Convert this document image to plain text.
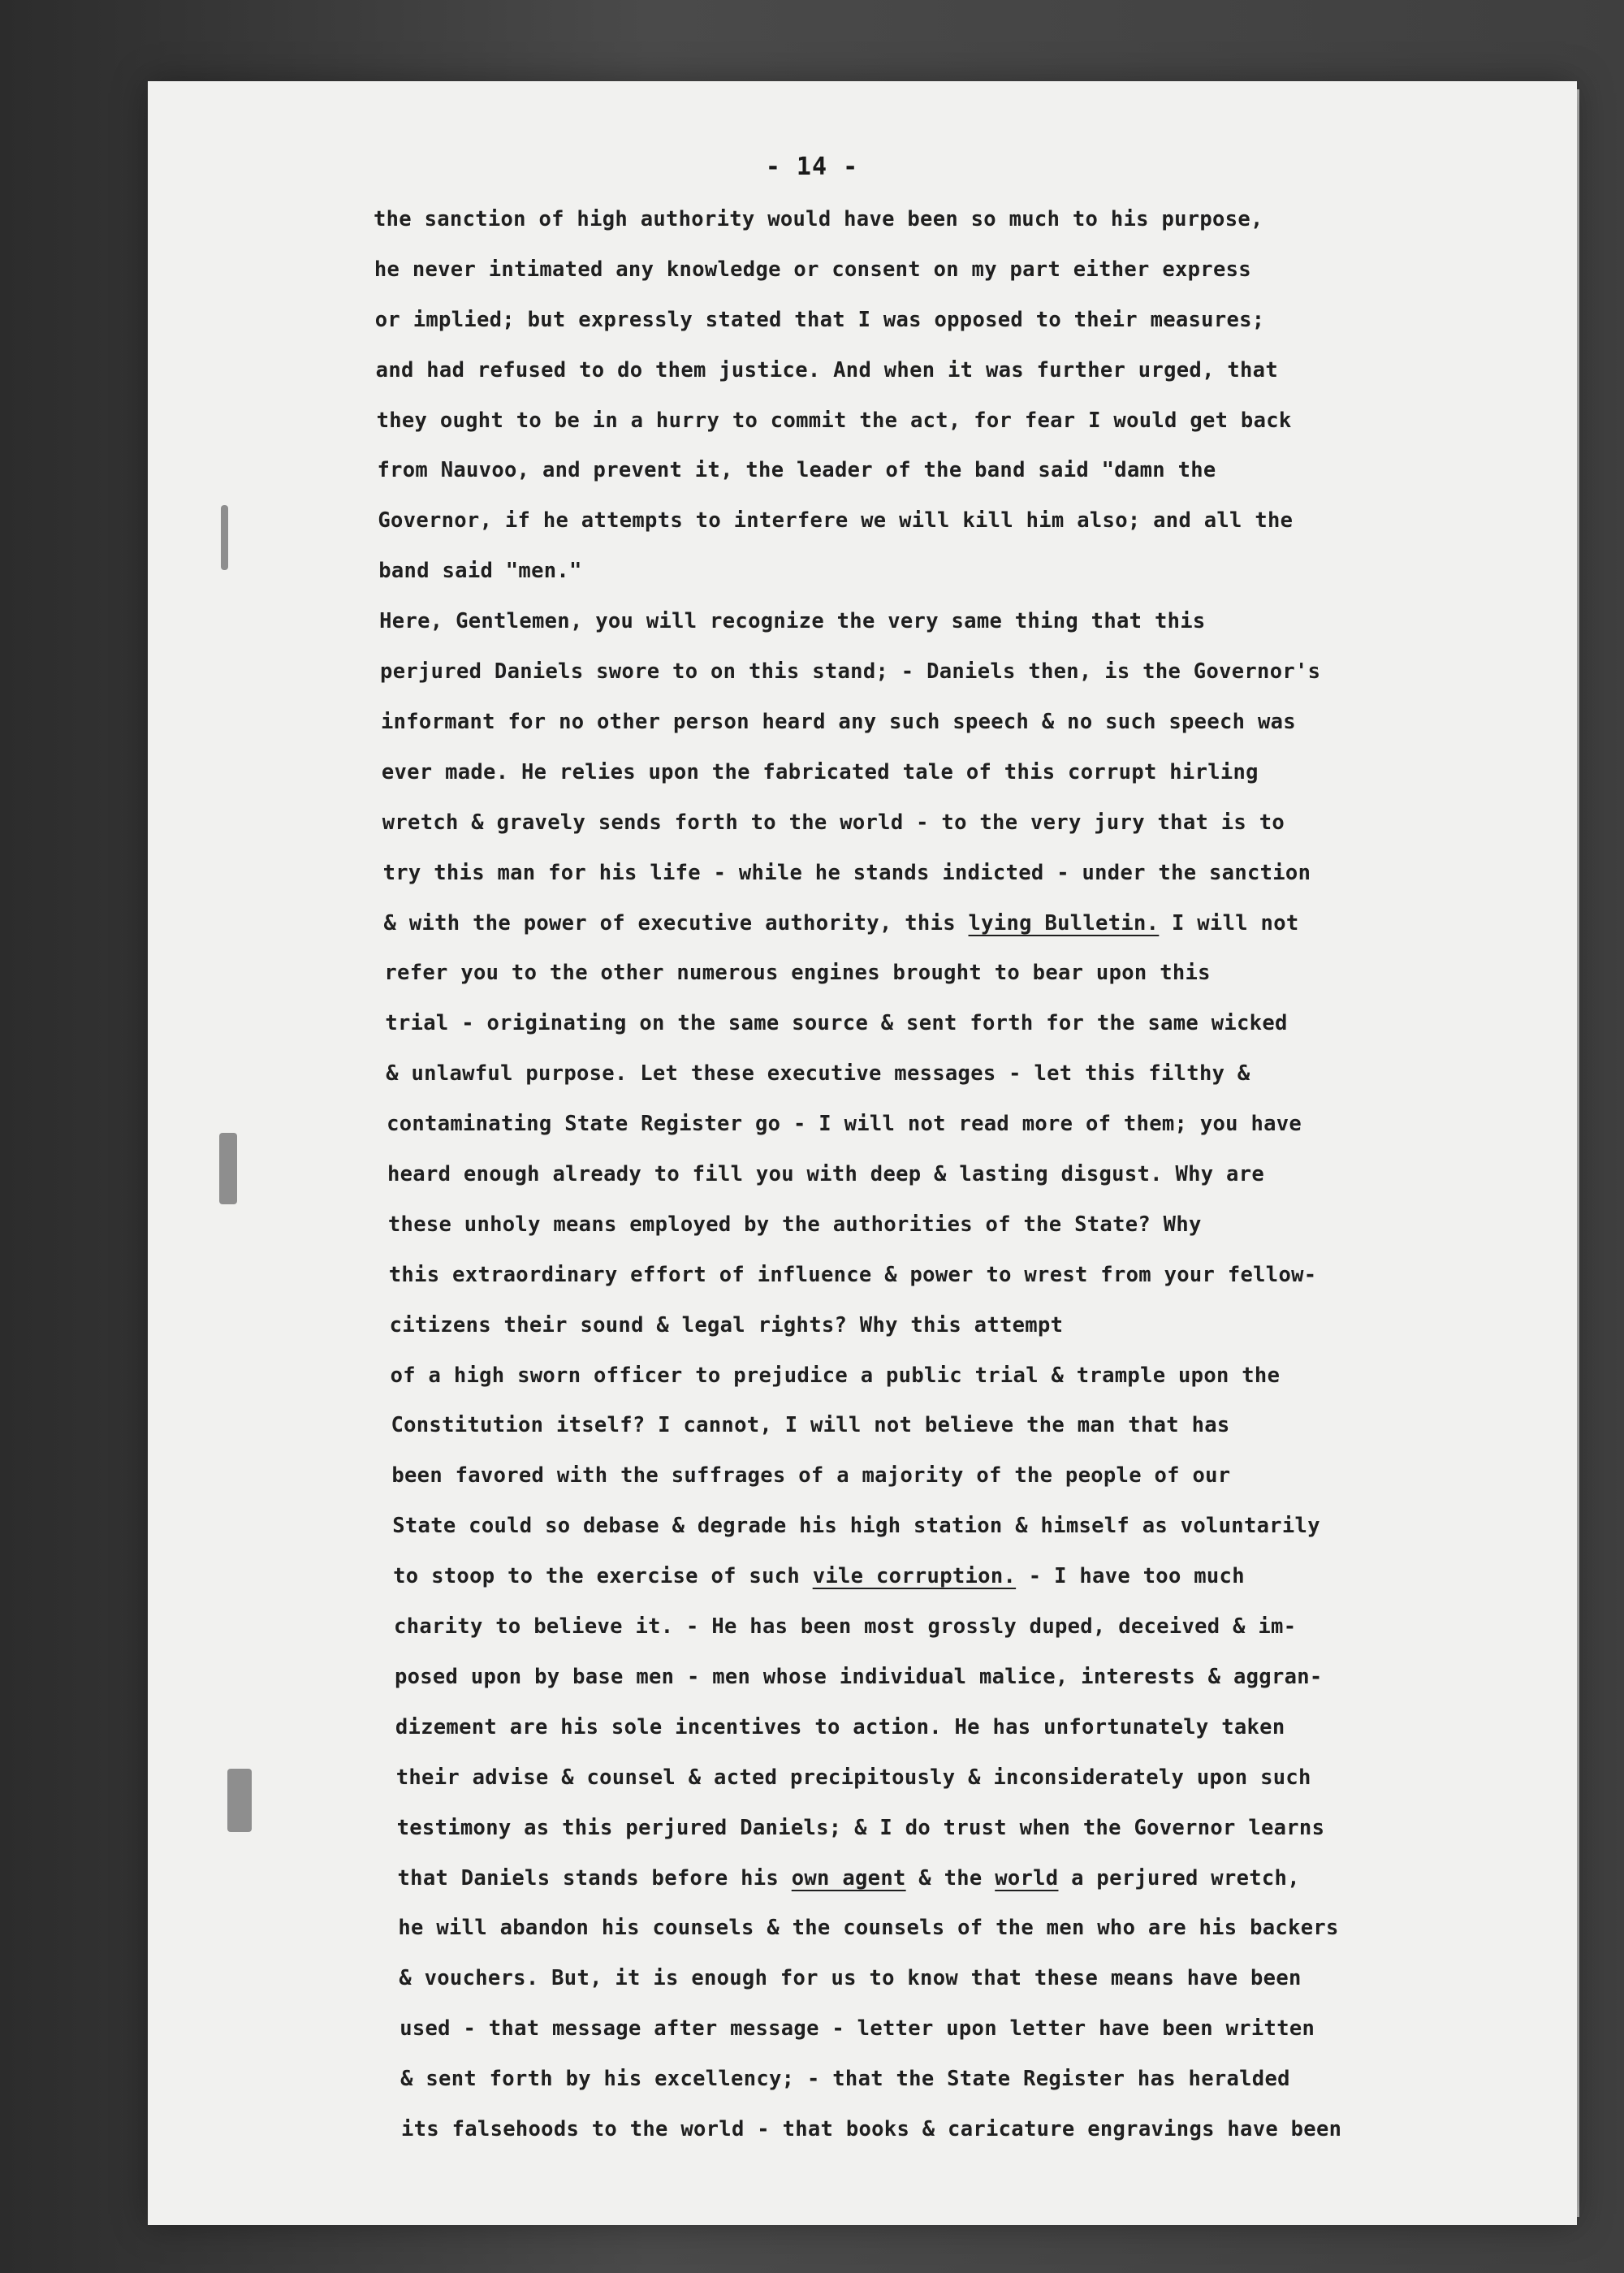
- 14 -
the sanction of high authority would have been so much to his purpose,
he never intimated any knowledge or consent on my part either express
or implied; but expressly stated that I was opposed to their measures;
and had refused to do them justice. And when it was further urged, that
they ought to be in a hurry to commit the act, for fear I would get back
from Nauvoo, and prevent it, the leader of the band said "damn the
Governor, if he attempts to interfere we will kill him also; and all the
band said "men."
Here, Gentlemen, you will recognize the very same thing that this
perjured Daniels swore to on this stand; - Daniels then, is the Governor's
informant for no other person heard any such speech & no such speech was
ever made. He relies upon the fabricated tale of this corrupt hirling
wretch & gravely sends forth to the world - to the very jury that is to
try this man for his life - while he stands indicted - under the sanction
& with the power of executive authority, this lying Bulletin. I will not
refer you to the other numerous engines brought to bear upon this
trial - originating on the same source & sent forth for the same wicked
& unlawful purpose. Let these executive messages - let this filthy &
contaminating State Register go - I will not read more of them; you have
heard enough already to fill you with deep & lasting disgust. Why are
these unholy means employed by the authorities of the State? Why
this extraordinary effort of influence & power to wrest from your fellow-
citizens their sound & legal rights? Why this attempt
of a high sworn officer to prejudice a public trial & trample upon the
Constitution itself? I cannot, I will not believe the man that has
been favored with the suffrages of a majority of the people of our
State could so debase & degrade his high station & himself as voluntarily
to stoop to the exercise of such vile corruption. - I have too much
charity to believe it. - He has been most grossly duped, deceived & im-
posed upon by base men - men whose individual malice, interests & aggran-
dizement are his sole incentives to action. He has unfortunately taken
their advise & counsel & acted precipitously & inconsiderately upon such
testimony as this perjured Daniels; & I do trust when the Governor learns
that Daniels stands before his own agent & the world a perjured wretch,
he will abandon his counsels & the counsels of the men who are his backers
& vouchers. But, it is enough for us to know that these means have been
used - that message after message - letter upon letter have been written
& sent forth by his excellency; - that the State Register has heralded
its falsehoods to the world - that books & caricature engravings have been
